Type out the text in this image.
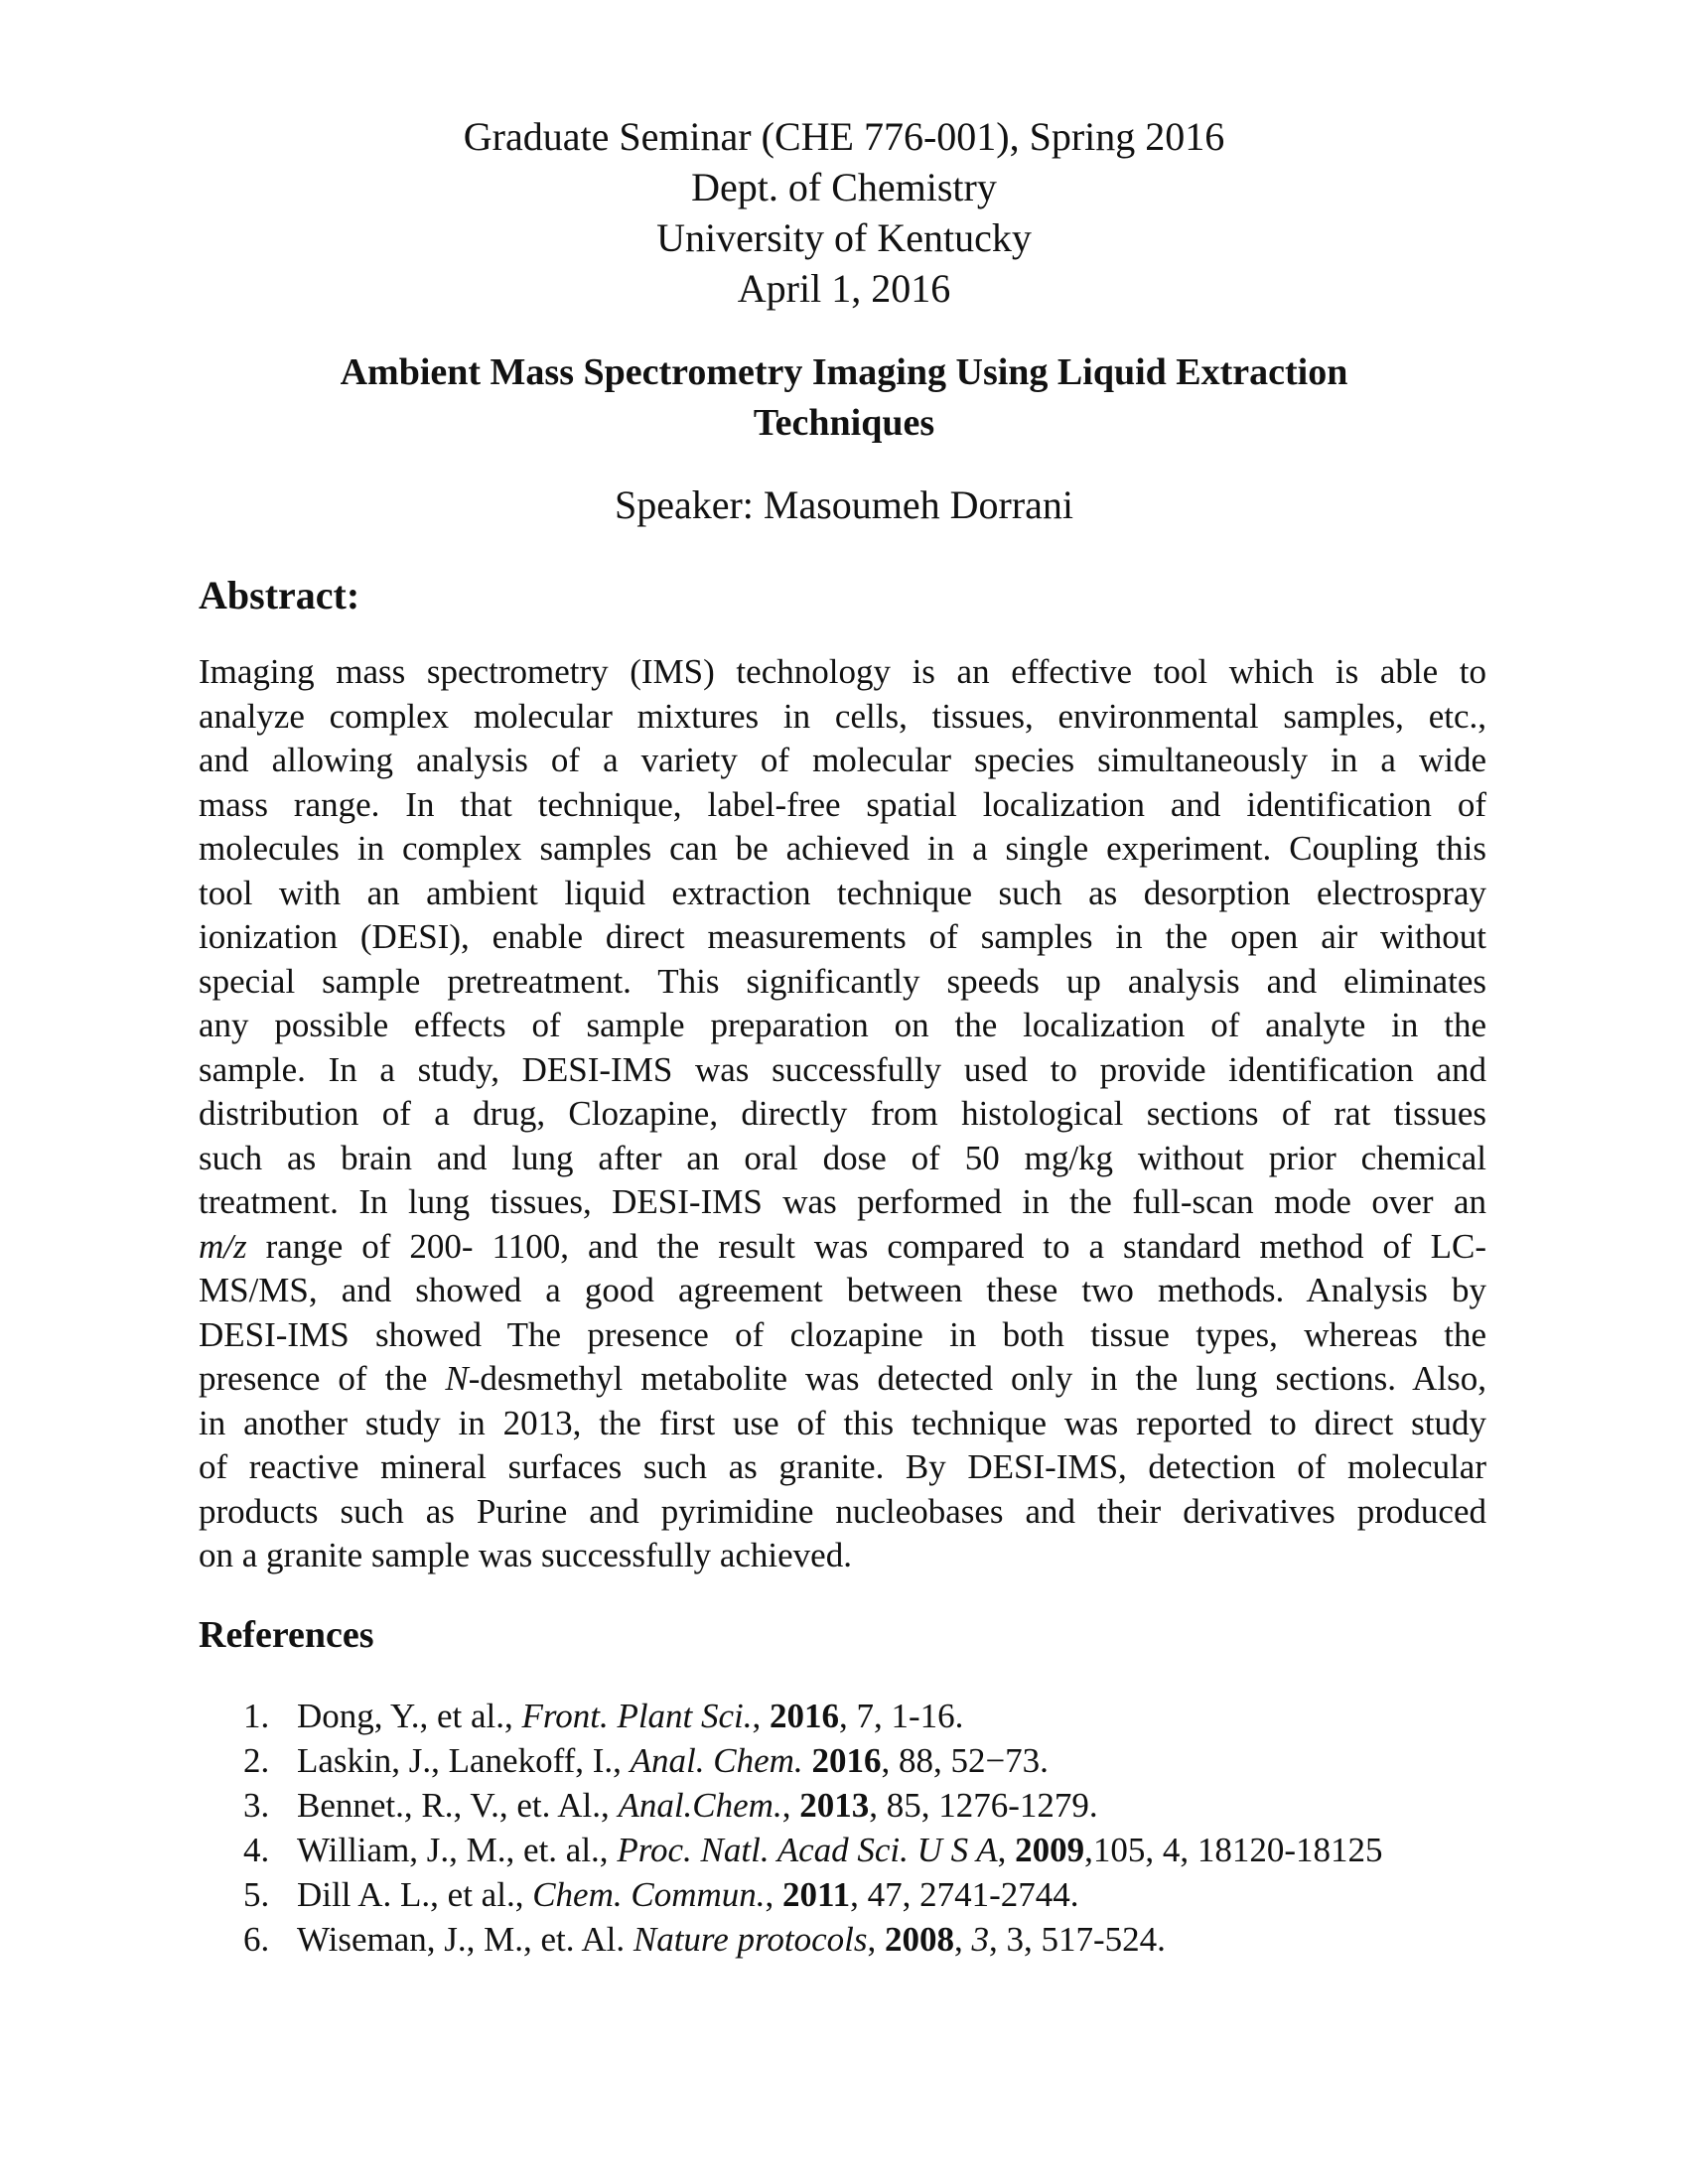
Graduate Seminar (CHE 776-001), Spring 2016
Dept. of Chemistry
University of Kentucky
April 1, 2016
Ambient Mass Spectrometry Imaging Using Liquid Extraction
Techniques
Speaker: Masoumeh Dorrani
Abstract:
Imaging mass spectrometry (IMS) technology is an effective tool which is able to
analyze complex molecular mixtures in cells, tissues, environmental samples, etc.,
and allowing analysis of a variety of molecular species simultaneously in a wide
mass range. In that technique, label-free spatial localization and identification of
molecules in complex samples can be achieved in a single experiment. Coupling this
tool with an ambient liquid extraction technique such as desorption electrospray
ionization (DESI), enable direct measurements of samples in the open air without
special sample pretreatment. This significantly speeds up analysis and eliminates
any possible effects of sample preparation on the localization of analyte in the
sample. In a study, DESI-IMS was successfully used to provide identification and
distribution of a drug, Clozapine, directly from histological sections of rat tissues
such as brain and lung after an oral dose of 50 mg/kg without prior chemical
treatment. In lung tissues, DESI-IMS was performed in the full-scan mode over an
m/z range of 200- 1100, and the result was compared to a standard method of LC-
MS/MS, and showed a good agreement between these two methods. Analysis by
DESI-IMS showed The presence of clozapine in both tissue types, whereas the
presence of the N-desmethyl metabolite was detected only in the lung sections. Also,
in another study in 2013, the first use of this technique was reported to direct study
of reactive mineral surfaces such as granite. By DESI-IMS, detection of molecular
products such as Purine and pyrimidine nucleobases and their derivatives produced
on a granite sample was successfully achieved.
References
1. Dong, Y., et al., Front. Plant Sci., 2016, 7, 1-16.
2. Laskin, J., Lanekoff, I., Anal. Chem. 2016, 88, 52−73.
3. Bennet., R., V., et. Al., Anal.Chem., 2013, 85, 1276-1279.
4. William, J., M., et. al., Proc. Natl. Acad Sci. U S A, 2009,105, 4, 18120-18125
5. Dill A. L., et al., Chem. Commun., 2011, 47, 2741-2744.
6. Wiseman, J., M., et. Al. Nature protocols, 2008, 3, 3, 517-524.
